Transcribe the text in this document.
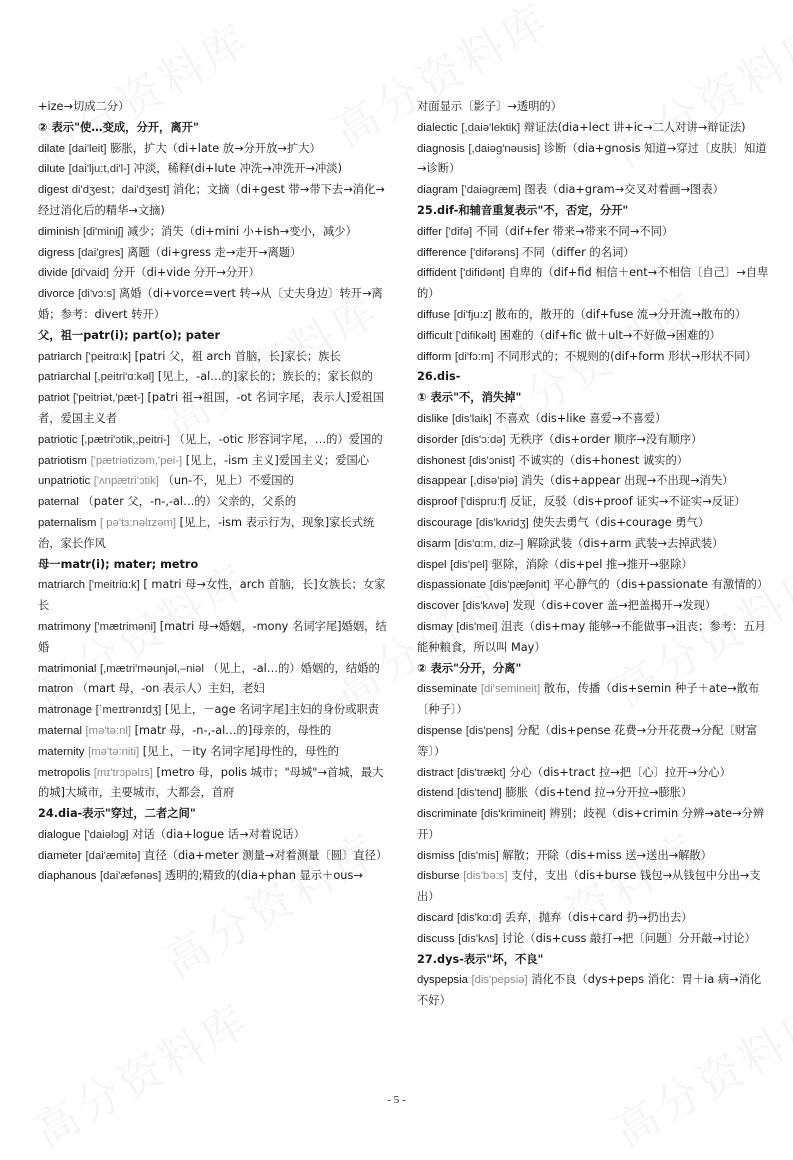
+ize→切成二分）

② 表示"使…变成，分开，离开"

dilate [dai'leit] 膨胀，扩大（di+late 放→分开放→扩大）

dilute [dai'lju:t,di'l-] 冲淡，稀释(di+lute 冲洗→冲洗开→冲淡)

digest di'dʒest；dai'dʒest] 消化；文摘（di+gest 带→带下去→消化→经过消化后的精华→文摘)

diminish [di'miniʃ] 减少；消失（di+mini 小+ish→变小，减少）

digress [dai'gres] 离题（di+gress 走→走开→离题）

divide [di'vaid] 分开（di+vide 分开→分开）

divorce [di'vɔ:s] 离婚（di+vorce=vert 转→从〔丈夫身边〕转开→离婚；参考：divert 转开）

父，祖一patr(i); part(o); pater

patriarch ['peitrɑ:k] [patri 父，祖 arch 首脑，长]家长；族长

patriarchal [,peitri'ɑ:kəl] [见上，-al…的]家长的；族长的；家长似的

patriot ['peitriət,'pæt-] [patri 祖→祖国，-ot 名词字尾，表示人]爱祖国者，爱国主义者

patriotic [,pætri'ɔtik,,peitri-] （见上，-otic 形容词字尾，…的）爱国的

patriotism ['pætriətizəm,'pei-] [见上，-ism 主义]爱国主义；爱国心

unpatriotic ['ʌnpætri'ɔtik] （un-不，见上）不爱国的

paternal （pater 父，-n-,-al…的）父亲的，父系的

paternalism [ pə'tɜ:nəlɪzəm] [见上，-ism 表示行为，现象]家长式统治，家长作风

母一matr(i); mater; metro

matriarch ['meitriɑ:k] [ matri 母→女性，arch 首脑，长]女族长；女家长

matrimony ['mætriməni] [matri 母→婚姻，-mony 名词字尾]婚姻，结婚

matrimonial [,mætri'məunjəl,–niəl （见上，-al…的）婚姻的，结婚的

matron （mart 母，-on 表示人）主妇，老妇

matronage [`meɪtrənɪdʒ] [见上，－age 名词字尾]主妇的身份或职责

maternal [mə'tə:nl] [matr 母，-n-,-al…的]母亲的，母性的

maternity [mə'tə:niti] [见上，－ity 名词字尾]母性的，母性的

metropolis [mɪ'trɔpəlɪs] [metro 母，polis 城市；"母城"→首城，最大的城]大城市，主要城市，大都会，首府

24.dia-表示"穿过，二者之间"

dialogue ['daiəlɔg] 对话（dia+logue 话→对着说话）

diameter [dai'æmitə] 直径（dia+meter 测量→对着测量〔圆〕直径）

diaphanous [dai'æfənəs] 透明的;精致的(dia+phan 显示＋ous→

对面显示〔影子〕→透明的）

dialectic [,daiə'lektik] 辩证法(dia+lect 讲+ic→二人对讲→辩证法)

diagnosis [,daiəg'nəusis] 诊断（dia+gnosis 知道→穿过〔皮肤〕知道→诊断）

diagram ['daiəgræm] 图表（dia+gram→交叉对着画→图表）

25.dif-和辅音重复表示"不，否定，分开"

differ ['difə] 不同（dif+fer 带来→带来不同→不同）

difference ['difərəns] 不同（differ 的名词）

diffident ['difidənt] 自卑的（dif+fid 相信＋ent→不相信〔自己〕→自卑的）

diffuse [di'fju:z] 散布的，散开的（dif+fuse 流→分开流→散布的）

difficult ['difikəlt] 困难的（dif+fic 做＋ult→不好做→困难的）

difform [di'fɔ:m] 不同形式的；不规则的(dif+form 形状→形状不同）

26.dis-

① 表示"不，消失掉"

dislike [dis'laik] 不喜欢（dis+like 喜爱→不喜爱）

disorder [dis'ɔ:də] 无秩序（dis+order 顺序→没有顺序）

dishonest [dis'ɔnist] 不诚实的（dis+honest 诚实的）

disappear [,disə'piə] 消失（dis+appear 出现→不出现→消失）

disproof ['dispru:f] 反证，反驳（dis+proof 证实→不证实→反证）

discourage [dis'kʌridʒ] 使失去勇气（dis+courage 勇气）

disarm [dis'ɑ:m, diz–] 解除武装（dis+arm 武装→去掉武装）

dispel [dis'pel] 驱除，消除（dis+pel 推→推开→驱除）

dispassionate [dis'pæʃənit] 平心静气的（dis+passionate 有激情的）

discover [dis'kʌvə] 发现（dis+cover 盖→把盖揭开→发现）

dismay [dis'mei] 沮丧（dis+may 能够→不能做事→沮丧；参考：五月能种粮食，所以叫 May）

② 表示"分开，分离"

disseminate [di'semineit] 散布，传播（dis+semin 种子＋ate→散布〔种子〕）

dispense [dis'pens] 分配（dis+pense 花费→分开花费→分配〔财富等〕）

distract [dis'trækt] 分心（dis+tract 拉→把〔心〕拉开→分心）

distend [dis'tend] 膨胀（dis+tend 拉→分开拉→膨胀）

discriminate [dis'krimineit] 辨别；歧视（dis+crimin 分辨→ate→分辨开）

dismiss [dis'mis] 解散；开除（dis+miss 送→送出→解散）

disburse [dis'bə:s] 支付，支出（dis+burse 钱包→从钱包中分出→支出）

discard [dis'kɑ:d] 丢弃，抛弃（dis+card 扔→扔出去）

discuss [dis'kʌs] 讨论（dis+cuss 敲打→把〔问题〕分开敲→讨论）

27.dys-表示"坏，不良"

dyspepsia [dis'pepsiə] 消化不良（dys+peps 消化：胃＋ia 病→消化不好）

- 5 -
